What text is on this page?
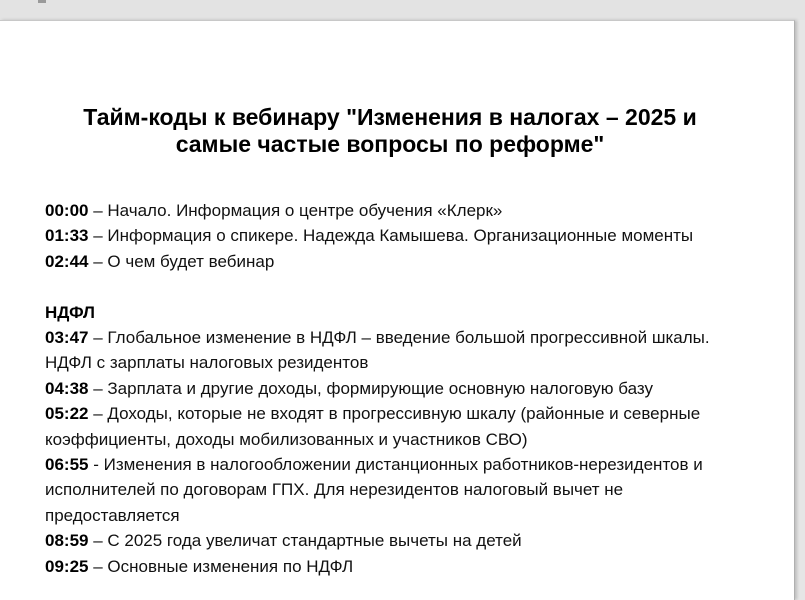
Тайм-коды к вебинару "Изменения в налогах – 2025 и
самые частые вопросы по реформе"

00:00 – Начало. Информация о центре обучения «Клерк»

01:33 – Информация о спикере. Надежда Камышева. Организационные моменты

02:44 – О чем будет вебинар

НДФЛ

03:47 – Глобальное изменение в НДФЛ – введение большой прогрессивной шкалы. НДФЛ с зарплаты налоговых резидентов

04:38 – Зарплата и другие доходы, формирующие основную налоговую базу

05:22 – Доходы, которые не входят в прогрессивную шкалу (районные и северные коэффициенты, доходы мобилизованных и участников СВО)

06:55 - Изменения в налогообложении дистанционных работников-нерезидентов и исполнителей по договорам ГПХ. Для нерезидентов налоговый вычет не предоставляется

08:59 – С 2025 года увеличат стандартные вычеты на детей

09:25 – Основные изменения по НДФЛ
